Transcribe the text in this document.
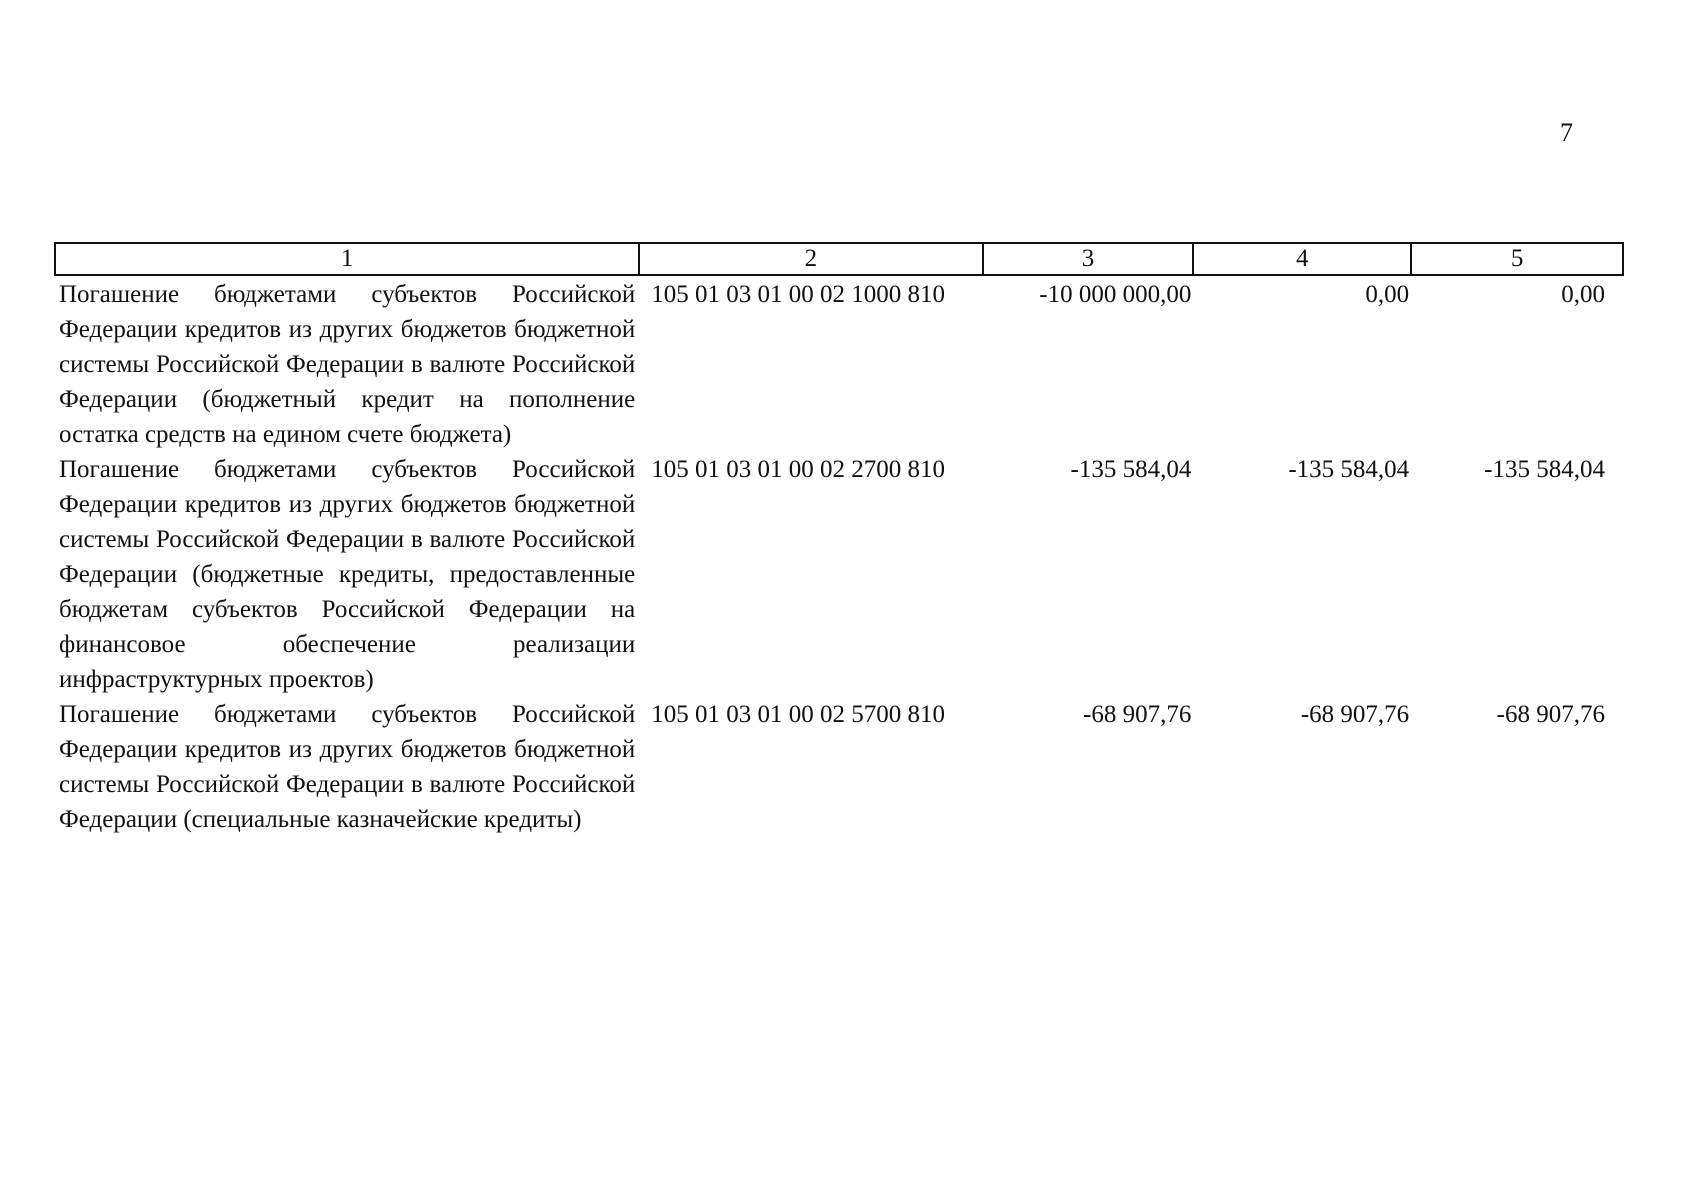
7
1	2	3	4	5
Погашение бюджетами субъектов Российской Федерации кредитов из других бюджетов бюджетной системы Российской Федерации в валюте Российской Федерации (бюджетный кредит на пополнение остатка средств на едином счете бюджета)	105 01 03 01 00 02 1000 810	-10 000 000,00	0,00	0,00
Погашение бюджетами субъектов Российской Федерации кредитов из других бюджетов бюджетной системы Российской Федерации в валюте Российской Федерации (бюджетные кредиты, предоставленные бюджетам субъектов Российской Федерации на финансовое обеспечение реализации инфраструктурных проектов)	105 01 03 01 00 02 2700 810	-135 584,04	-135 584,04	-135 584,04
Погашение бюджетами субъектов Российской Федерации кредитов из других бюджетов бюджетной системы Российской Федерации в валюте Российской Федерации (специальные казначейские кредиты)	105 01 03 01 00 02 5700 810	-68 907,76	-68 907,76	-68 907,76
